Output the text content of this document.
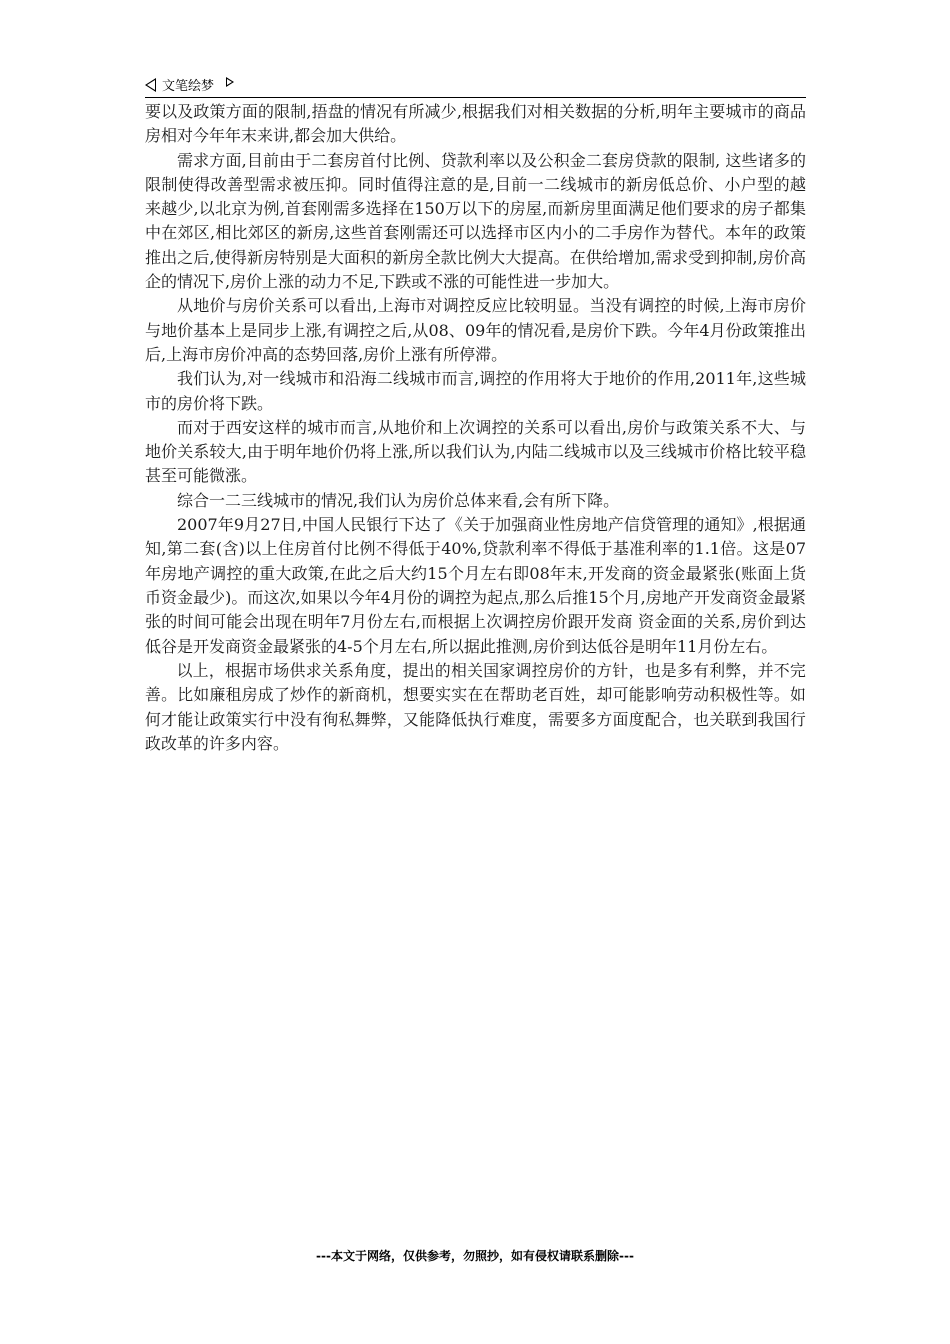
文笔绘梦

要以及政策方面的限制,捂盘的情况有所减少,根据我们对相关数据的分析,明年主要城市的商品房相对今年年末来讲,都会加大供给。

需求方面,目前由于二套房首付比例、贷款利率以及公积金二套房贷款的限制, 这些诸多的限制使得改善型需求被压抑。同时值得注意的是,目前一二线城市的新房低总价、小户型的越来越少,以北京为例,首套刚需多选择在150万以下的房屋,而新房里面满足他们要求的房子都集中在郊区,相比郊区的新房,这些首套刚需还可以选择市区内小的二手房作为替代。本年的政策推出之后,使得新房特别是大面积的新房全款比例大大提高。在供给增加,需求受到抑制,房价高企的情况下,房价上涨的动力不足,下跌或不涨的可能性进一步加大。

从地价与房价关系可以看出,上海市对调控反应比较明显。当没有调控的时候,上海市房价与地价基本上是同步上涨,有调控之后,从08、09年的情况看,是房价下跌。今年4月份政策推出后,上海市房价冲高的态势回落,房价上涨有所停滞。

我们认为,对一线城市和沿海二线城市而言,调控的作用将大于地价的作用,2011年,这些城市的房价将下跌。

而对于西安这样的城市而言,从地价和上次调控的关系可以看出,房价与政策关系不大、与地价关系较大,由于明年地价仍将上涨,所以我们认为,内陆二线城市以及三线城市价格比较平稳甚至可能微涨。

综合一二三线城市的情况,我们认为房价总体来看,会有所下降。

2007年9月27日,中国人民银行下达了《关于加强商业性房地产信贷管理的通知》,根据通知,第二套(含)以上住房首付比例不得低于40%,贷款利率不得低于基准利率的1.1倍。这是07年房地产调控的重大政策,在此之后大约15个月左右即08年末,开发商的资金最紧张(账面上货币资金最少)。而这次,如果以今年4月份的调控为起点,那么后推15个月,房地产开发商资金最紧张的时间可能会出现在明年7月份左右,而根据上次调控房价跟开发商 资金面的关系,房价到达低谷是开发商资金最紧张的4-5个月左右,所以据此推测,房价到达低谷是明年11月份左右。

以上，根据市场供求关系角度，提出的相关国家调控房价的方针，也是多有利弊，并不完善。比如廉租房成了炒作的新商机，想要实实在在帮助老百姓，却可能影响劳动积极性等。如何才能让政策实行中没有徇私舞弊，又能降低执行难度，需要多方面度配合，也关联到我国行政改革的许多内容。

---本文于网络，仅供参考，勿照抄，如有侵权请联系删除---
